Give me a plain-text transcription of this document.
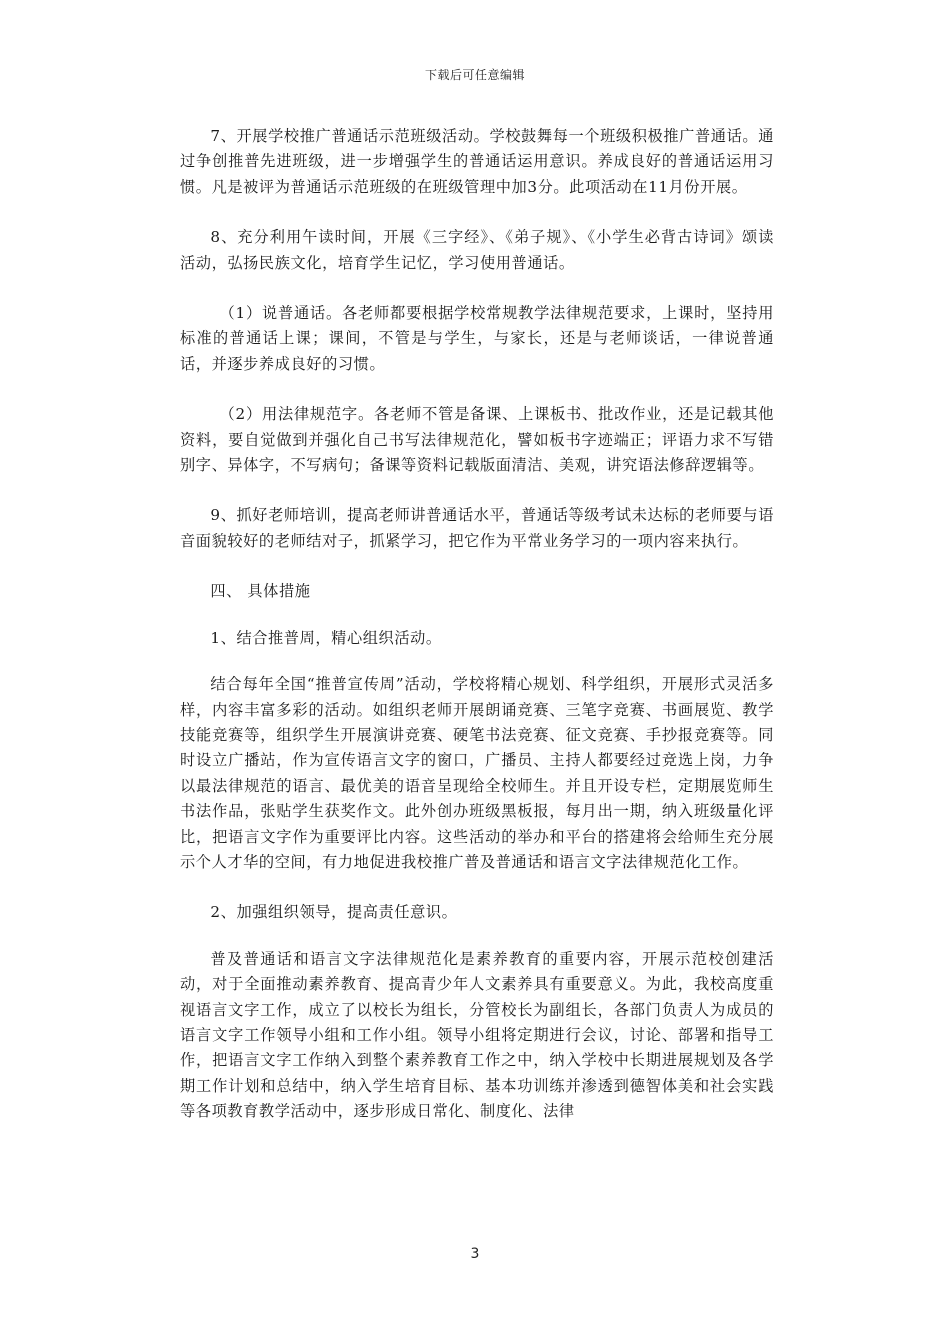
下载后可任意编辑

7、开展学校推广普通话示范班级活动。学校鼓舞每一个班级积极推广普通话。通过争创推普先进班级，进一步增强学生的普通话运用意识。养成良好的普通话运用习惯。凡是被评为普通话示范班级的在班级管理中加3分。此项活动在11月份开展。

8、充分利用午读时间，开展《三字经》、《弟子规》、《小学生必背古诗词》颂读活动，弘扬民族文化，培育学生记忆，学习使用普通话。

（1）说普通话。各老师都要根据学校常规教学法律规范要求，上课时，坚持用标准的普通话上课；课间，不管是与学生，与家长，还是与老师谈话，一律说普通话，并逐步养成良好的习惯。

（2）用法律规范字。各老师不管是备课、上课板书、批改作业，还是记载其他资料，要自觉做到并强化自己书写法律规范化，譬如板书字迹端正；评语力求不写错别字、异体字，不写病句；备课等资料记载版面清洁、美观，讲究语法修辞逻辑等。

9、抓好老师培训，提高老师讲普通话水平，普通话等级考试未达标的老师要与语音面貌较好的老师结对子，抓紧学习，把它作为平常业务学习的一项内容来执行。

四、 具体措施

1、结合推普周，精心组织活动。

结合每年全国“推普宣传周”活动，学校将精心规划、科学组织，开展形式灵活多样，内容丰富多彩的活动。如组织老师开展朗诵竞赛、三笔字竞赛、书画展览、教学技能竞赛等，组织学生开展演讲竞赛、硬笔书法竞赛、征文竞赛、手抄报竞赛等。同时设立广播站，作为宣传语言文字的窗口，广播员、主持人都要经过竞选上岗，力争以最法律规范的语言、最优美的语音呈现给全校师生。并且开设专栏，定期展览师生书法作品，张贴学生获奖作文。此外创办班级黑板报，每月出一期，纳入班级量化评比，把语言文字作为重要评比内容。这些活动的举办和平台的搭建将会给师生充分展示个人才华的空间，有力地促进我校推广普及普通话和语言文字法律规范化工作。

2、加强组织领导，提高责任意识。

普及普通话和语言文字法律规范化是素养教育的重要内容，开展示范校创建活动，对于全面推动素养教育、提高青少年人文素养具有重要意义。为此，我校高度重视语言文字工作，成立了以校长为组长，分管校长为副组长，各部门负责人为成员的语言文字工作领导小组和工作小组。领导小组将定期进行会议，讨论、部署和指导工作，把语言文字工作纳入到整个素养教育工作之中，纳入学校中长期进展规划及各学期工作计划和总结中，纳入学生培育目标、基本功训练并渗透到德智体美和社会实践等各项教育教学活动中，逐步形成日常化、制度化、法律

3
